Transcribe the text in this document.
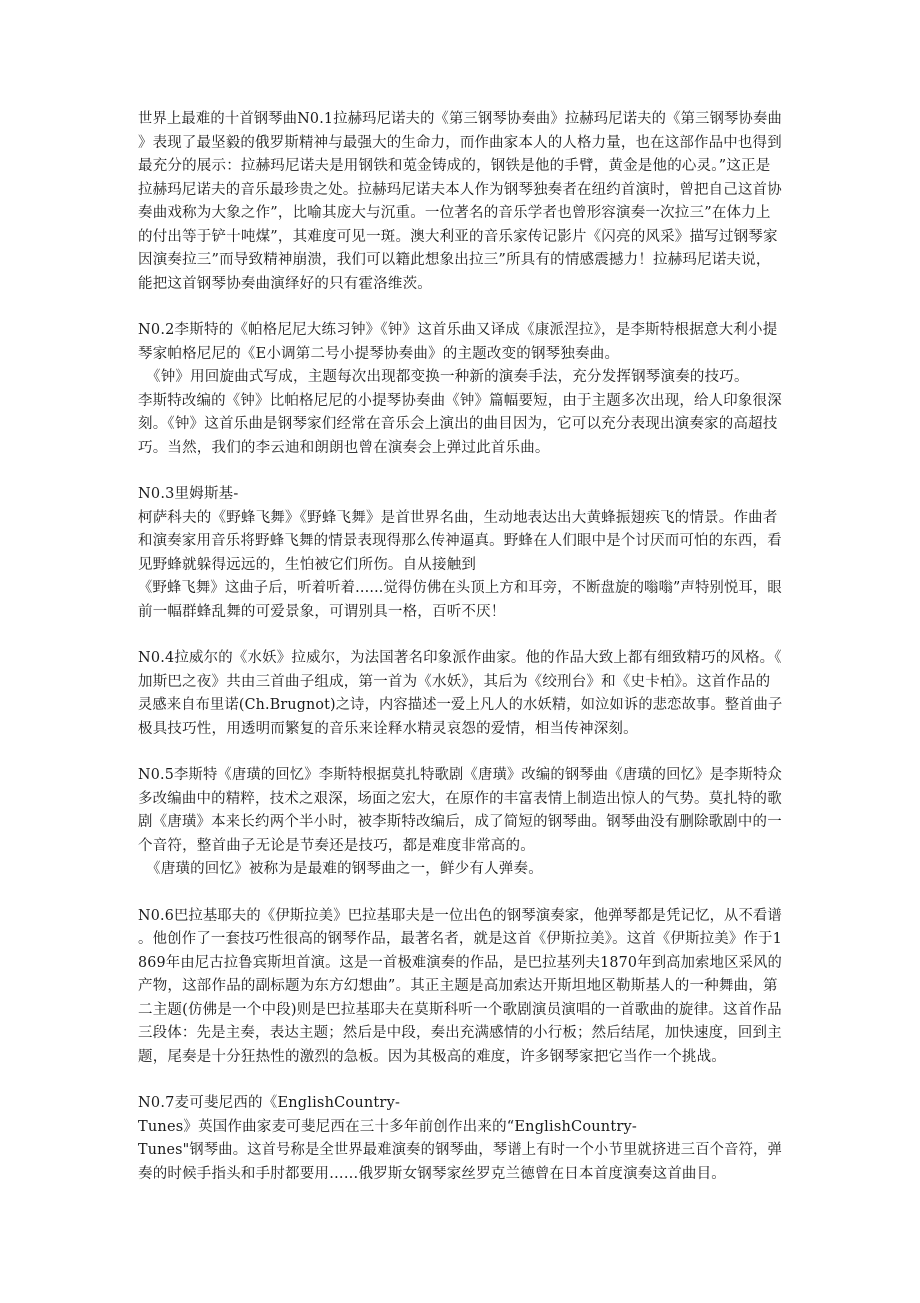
世界上最难的十首钢琴曲N0.1拉赫玛尼诺夫的《第三钢琴协奏曲》拉赫玛尼诺夫的《第三钢琴协奏曲
》表现了最坚毅的俄罗斯精神与最强大的生命力，而作曲家本人的人格力量，也在这部作品中也得到
最充分的展示：拉赫玛尼诺夫是用钢铁和莵金铸成的，钢铁是他的手臂，黄金是他的心灵。”这正是
拉赫玛尼诺夫的音乐最珍贵之处。拉赫玛尼诺夫本人作为钢琴独奏者在纽约首演时，曾把自己这首协
奏曲戏称为大象之作”，比喻其庞大与沉重。一位著名的音乐学者也曾形容演奏一次拉三”在体力上
的付出等于铲十吨煤”，其难度可见一斑。澳大利亚的音乐家传记影片《闪亮的风采》描写过钢琴家
因演奏拉三”而导致精神崩溃，我们可以籍此想象出拉三”所具有的情感震撼力！拉赫玛尼诺夫说，
能把这首钢琴协奏曲演绎好的只有霍洛维茨。
N0.2李斯特的《帕格尼尼大练习钟》《钟》这首乐曲又译成《康派涅拉》，是李斯特根据意大利小提
琴家帕格尼尼的《E小调第二号小提琴协奏曲》的主题改变的钢琴独奏曲。
《钟》用回旋曲式写成，主题每次出现都变换一种新的演奏手法，充分发挥钢琴演奏的技巧。
李斯特改编的《钟》比帕格尼尼的小提琴协奏曲《钟》篇幅要短，由于主题多次出现，给人印象很深
刻。《钟》这首乐曲是钢琴家们经常在音乐会上演出的曲目因为，它可以充分表现出演奏家的高超技
巧。当然，我们的李云迪和朗朗也曾在演奏会上弹过此首乐曲。
N0.3里姆斯基-
柯萨科夫的《野蜂飞舞》《野蜂飞舞》是首世界名曲，生动地表达出大黄蜂振翅疾飞的情景。作曲者
和演奏家用音乐将野蜂飞舞的情景表现得那么传神逼真。野蜂在人们眼中是个讨厌而可怕的东西，看
见野蜂就躲得远远的，生怕被它们所伤。自从接触到
《野蜂飞舞》这曲子后，听着听着......觉得仿佛在头顶上方和耳旁，不断盘旋的嗡嗡”声特别悦耳，眼
前一幅群蜂乱舞的可爱景象，可谓别具一格，百听不厌！
N0.4拉威尔的《水妖》拉威尔，为法国著名印象派作曲家。他的作品大致上都有细致精巧的风格。《
加斯巴之夜》共由三首曲子组成，第一首为《水妖》，其后为《绞刑台》和《史卡柏》。这首作品的
灵感来自布里诺(Ch.Brugnot)之诗，内容描述一爱上凡人的水妖精，如泣如诉的悲恋故事。整首曲子
极具技巧性，用透明而繁复的音乐来诠释水精灵哀怨的爱情，相当传神深刻。
N0.5李斯特《唐璜的回忆》李斯特根据莫扎特歌剧《唐璜》改编的钢琴曲《唐璜的回忆》是李斯特众
多改编曲中的精粹，技术之艰深，场面之宏大，在原作的丰富表情上制造出惊人的气势。莫扎特的歌
剧《唐璜》本来长约两个半小时，被李斯特改编后，成了简短的钢琴曲。钢琴曲没有删除歌剧中的一
个音符，整首曲子无论是节奏还是技巧，都是难度非常高的。
《唐璜的回忆》被称为是最难的钢琴曲之一，鲜少有人弹奏。
N0.6巴拉基耶夫的《伊斯拉美》巴拉基耶夫是一位出色的钢琴演奏家，他弹琴都是凭记忆，从不看谱
。他创作了一套技巧性很高的钢琴作品，最著名者，就是这首《伊斯拉美》。这首《伊斯拉美》作于1
869年由尼古拉鲁宾斯坦首演。这是一首极难演奏的作品，是巴拉基列夫1870年到高加索地区采风的
产物，这部作品的副标题为东方幻想曲”。其正主题是高加索达开斯坦地区勒斯基人的一种舞曲，第
二主题(仿佛是一个中段)则是巴拉基耶夫在莫斯科听一个歌剧演员演唱的一首歌曲的旋律。这首作品
三段体：先是主奏，表达主题；然后是中段，奏出充满感情的小行板；然后结尾，加快速度，回到主
题，尾奏是十分狂热性的激烈的急板。因为其极高的难度，许多钢琴家把它当作一个挑战。
N0.7麦可斐尼西的《EnglishCountry-
Tunes》英国作曲家麦可斐尼西在三十多年前创作出来的“EnglishCountry-
Tunes"钢琴曲。这首号称是全世界最难演奏的钢琴曲，琴谱上有时一个小节里就挤进三百个音符，弹
奏的时候手指头和手肘都要用……俄罗斯女钢琴家丝罗克兰德曾在日本首度演奏这首曲目。
